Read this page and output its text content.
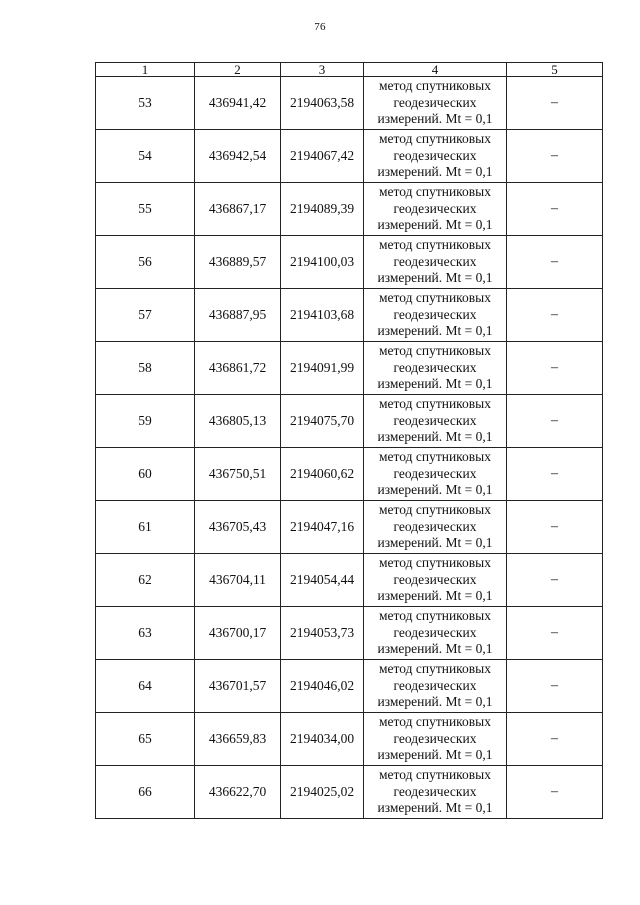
76
1	2	3	4	5
53	436941,42	2194063,58	метод спутниковых
геодезических
измерений. Mt = 0,1	–
54	436942,54	2194067,42	метод спутниковых
геодезических
измерений. Mt = 0,1	–
55	436867,17	2194089,39	метод спутниковых
геодезических
измерений. Mt = 0,1	–
56	436889,57	2194100,03	метод спутниковых
геодезических
измерений. Mt = 0,1	–
57	436887,95	2194103,68	метод спутниковых
геодезических
измерений. Mt = 0,1	–
58	436861,72	2194091,99	метод спутниковых
геодезических
измерений. Mt = 0,1	–
59	436805,13	2194075,70	метод спутниковых
геодезических
измерений. Mt = 0,1	–
60	436750,51	2194060,62	метод спутниковых
геодезических
измерений. Mt = 0,1	–
61	436705,43	2194047,16	метод спутниковых
геодезических
измерений. Mt = 0,1	–
62	436704,11	2194054,44	метод спутниковых
геодезических
измерений. Mt = 0,1	–
63	436700,17	2194053,73	метод спутниковых
геодезических
измерений. Mt = 0,1	–
64	436701,57	2194046,02	метод спутниковых
геодезических
измерений. Mt = 0,1	–
65	436659,83	2194034,00	метод спутниковых
геодезических
измерений. Mt = 0,1	–
66	436622,70	2194025,02	метод спутниковых
геодезических
измерений. Mt = 0,1	–
